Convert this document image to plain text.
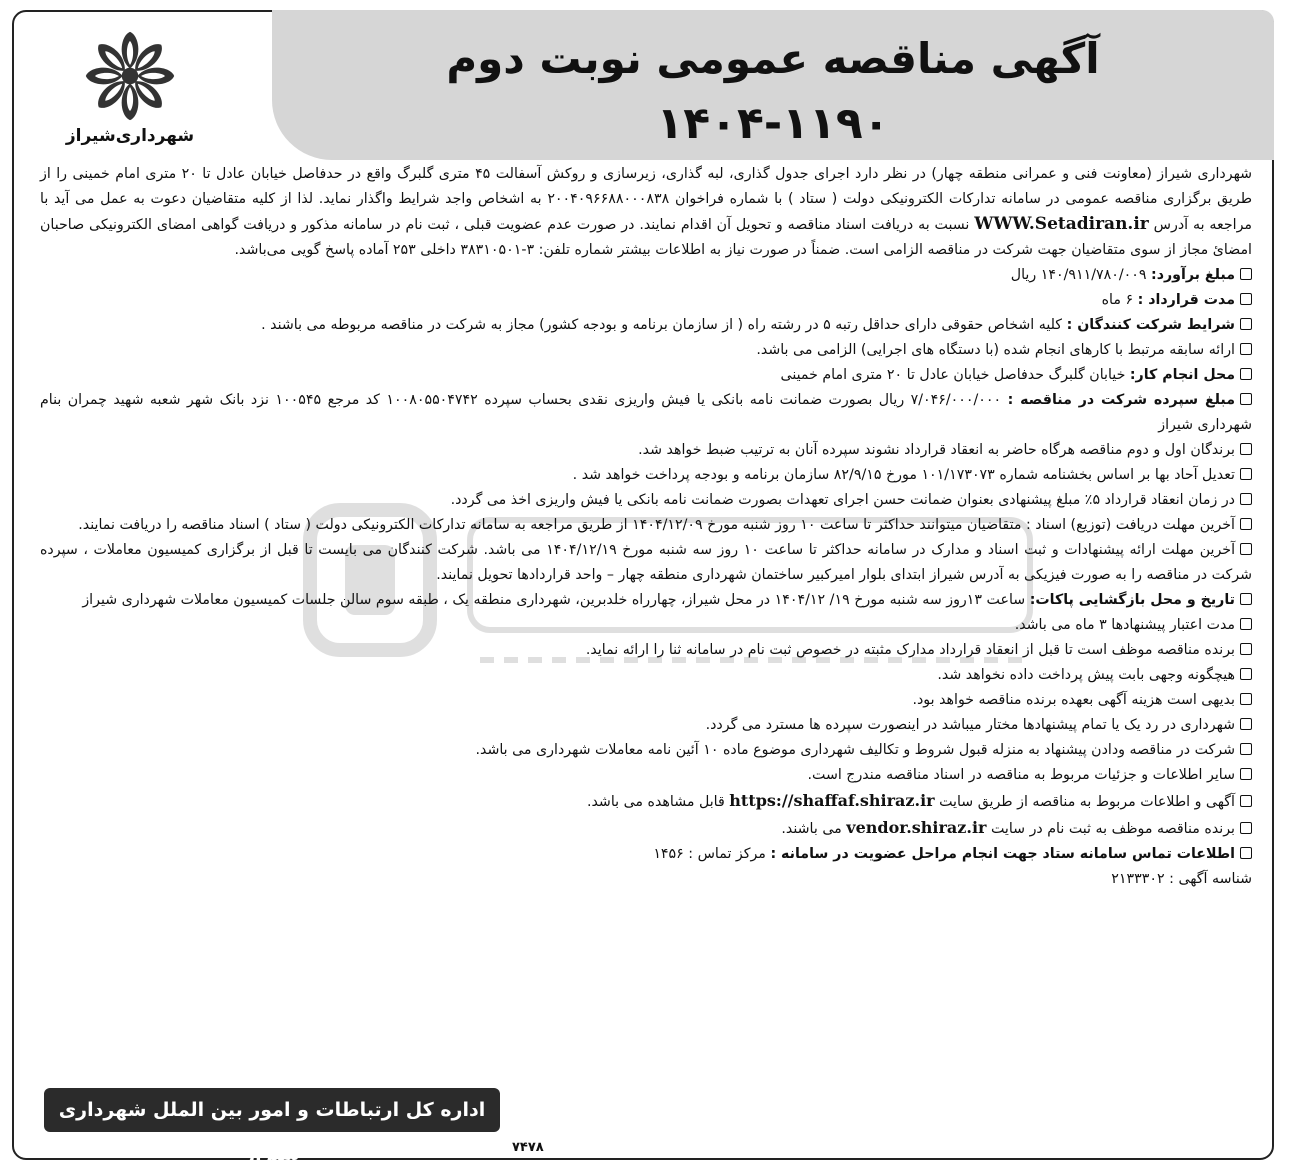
آگهی مناقصه عمومی نوبت دوم
۱۴۰۴-۱۱۹۰
شهرداری‌شیراز

شهرداری شیراز (معاونت فنی و عمرانی منطقه چهار) در نظر دارد اجرای جدول گذاری، لبه گذاری، زیرسازی و روکش آسفالت ۴۵ متری گلبرگ واقع در حدفاصل خیابان عادل تا ۲۰ متری امام خمینی را از طریق برگزاری مناقصه عمومی در سامانه تدارکات الکترونیکی دولت ( ستاد ) با شماره فراخوان ۲۰۰۴۰۹۶۶۸۸۰۰۰۸۳۸ به اشخاص واجد شرایط واگذار نماید. لذا از کلیه متقاضیان دعوت به عمل می آید با مراجعه به آدرس WWW.Setadiran.ir نسبت به دریافت اسناد مناقصه و تحویل آن اقدام نمایند. در صورت عدم عضویت قبلی ، ثبت نام در سامانه مذکور و دریافت گواهی امضای الکترونیکی صاحبان امضائ مجاز از سوی متقاضیان جهت شرکت در مناقصه الزامی است. ضمناً در صورت نیاز به اطلاعات بیشتر شماره تلفن: ۳-۳۸۳۱۰۵۰۱ داخلی ۲۵۳ آماده پاسخ گویی می‌باشد.

مبلغ برآورد: ۱۴۰/۹۱۱/۷۸۰/۰۰۹ ریال

مدت قرارداد : ۶ ماه

شرایط شرکت کنندگان : کلیه اشخاص حقوقی دارای حداقل رتبه ۵ در رشته راه ( از سازمان برنامه و بودجه کشور) مجاز به شرکت در مناقصه مربوطه می باشند .

ارائه سابقه مرتبط با کارهای انجام شده (با دستگاه های اجرایی) الزامی می باشد.

محل انجام کار: خیابان گلبرگ حدفاصل خیابان عادل تا ۲۰ متری امام خمینی

مبلغ سپرده شرکت در مناقصه : ۷/۰۴۶/۰۰۰/۰۰۰ ریال بصورت ضمانت نامه بانکی یا فیش واریزی نقدی بحساب سپرده ۱۰۰۸۰۵۵۰۴۷۴۲ کد مرجع ۱۰۰۵۴۵ نزد بانک شهر شعبه شهید چمران بنام شهرداری شیراز

برندگان اول و دوم مناقصه هرگاه حاضر به انعقاد قرارداد نشوند سپرده آنان به ترتیب ضبط خواهد شد.

تعدیل آحاد بها بر اساس بخشنامه شماره ۱۰۱/۱۷۳۰۷۳ مورخ ۸۲/۹/۱۵ سازمان برنامه و بودجه پرداخت خواهد شد .

در زمان انعقاد قرارداد ۵٪ مبلغ پیشنهادی بعنوان ضمانت حسن اجرای تعهدات بصورت ضمانت نامه بانکی یا فیش واریزی اخذ می گردد.

آخرین مهلت دریافت (توزیع) اسناد : متقاضیان میتوانند حداکثر تا ساعت ۱۰ روز شنبه مورخ ۱۴۰۴/۱۲/۰۹ از طریق مراجعه به سامانه تدارکات الکترونیکی دولت ( ستاد ) اسناد مناقصه را دریافت نمایند.

آخرین مهلت ارائه پیشنهادات و ثبت اسناد و مدارک در سامانه حداکثر تا ساعت ۱۰ روز سه شنبه مورخ ۱۴۰۴/۱۲/۱۹ می باشد. شرکت کنندگان می بایست تا قبل از برگزاری کمیسیون معاملات ، سپرده شرکت در مناقصه را به صورت فیزیکی به آدرس شیراز ابتدای بلوار امیرکبیر ساختمان شهرداری منطقه چهار – واحد قراردادها تحویل نمایند.

تاریخ و محل بازگشایی پاکات: ساعت ۱۳روز سه شنبه مورخ ۱۹/ ۱۴۰۴/۱۲ در محل شیراز، چهارراه خلدبرین، شهرداری منطقه یک ، طبقه سوم سالن جلسات کمیسیون معاملات شهرداری شیراز

مدت اعتبار پیشنهادها ۳ ماه می باشد.

برنده مناقصه موظف است تا قبل از انعقاد قرارداد مدارک مثبته در خصوص ثبت نام در سامانه ثنا را ارائه نماید.

هیچگونه وجهی بابت پیش پرداخت داده نخواهد شد.

بدیهی است هزینه آگهی بعهده برنده مناقصه خواهد بود.

شهرداری در رد یک یا تمام پیشنهادها مختار میباشد در اینصورت سپرده ها مسترد می گردد.

شرکت در مناقصه ودادن پیشنهاد به منزله قبول شروط و تکالیف شهرداری موضوع ماده ۱۰ آئین نامه معاملات شهرداری می باشد.

سایر اطلاعات و جزئیات مربوط به مناقصه در اسناد مناقصه مندرج است.

آگهی و اطلاعات مربوط به مناقصه از طریق سایت https://shaffaf.shiraz.ir قابل مشاهده می باشد.

برنده مناقصه موظف به ثبت نام در سایت vendor.shiraz.ir می باشند.

اطلاعات تماس سامانه ستاد جهت انجام مراحل عضویت در سامانه : مرکز تماس : ۱۴۵۶

شناسه آگهی : ۲۱۳۳۳۰۲

اداره کل ارتباطات و امور بین الملل شهرداری شیراز	۷۴۷۸
